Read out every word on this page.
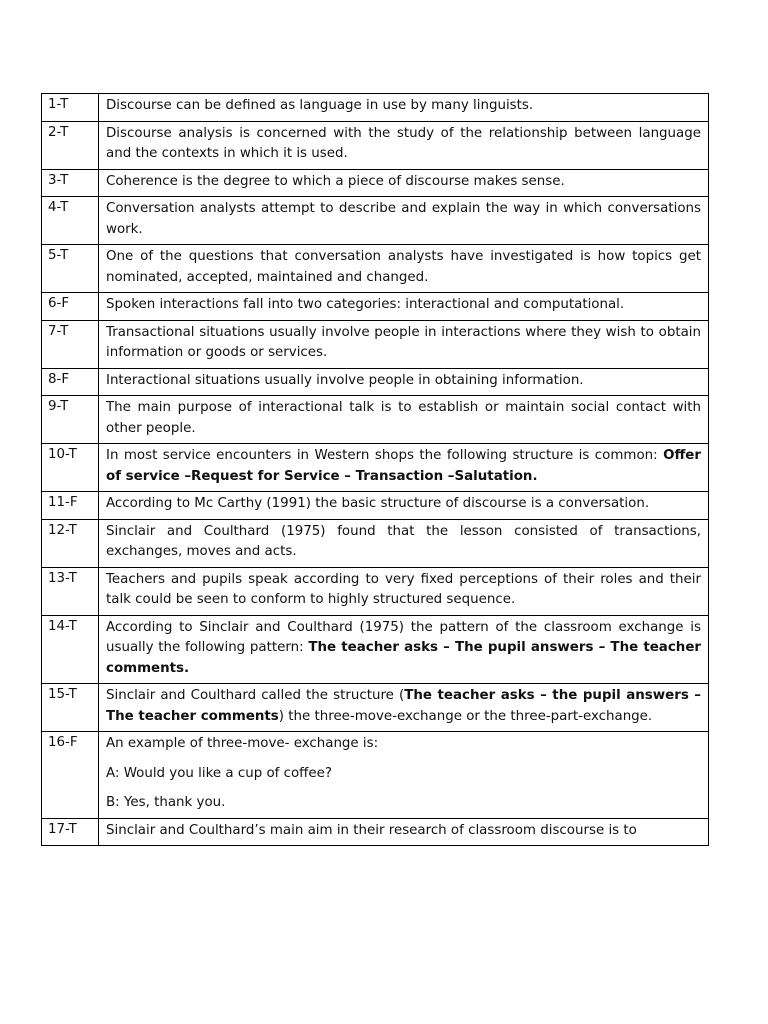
1-T	Discourse can be defined as language in use by many linguists.
2-T	Discourse analysis is concerned with the study of the relationship between language and the contexts in which it is used.
3-T	Coherence is the degree to which a piece of discourse makes sense.
4-T	Conversation analysts attempt to describe and explain the way in which conversations work.
5-T	One of the questions that conversation analysts have investigated is how topics get nominated, accepted, maintained and changed.
6-F	Spoken interactions fall into two categories: interactional and computational.
7-T	Transactional situations usually involve people in interactions where they wish to obtain information or goods or services.
8-F	Interactional situations usually involve people in obtaining information.
9-T	The main purpose of interactional talk is to establish or maintain social contact with other people.
10-T	In most service encounters in Western shops the following structure is common: Offer of service –Request for Service – Transaction –Salutation.
11-F	According to Mc Carthy (1991) the basic structure of discourse is a conversation.
12-T	Sinclair and Coulthard (1975) found that the lesson consisted of transactions, exchanges, moves and acts.
13-T	Teachers and pupils speak according to very fixed perceptions of their roles and their talk could be seen to conform to highly structured sequence.
14-T	According to Sinclair and Coulthard (1975) the pattern of the classroom exchange is usually the following pattern: The teacher asks – The pupil answers – The teacher comments.
15-T	Sinclair and Coulthard called the structure (The teacher asks – the pupil answers – The teacher comments) the three-move-exchange or the three-part-exchange.
16-F	An example of three-move- exchange is:

A: Would you like a cup of coffee?

B: Yes, thank you.

17-T	Sinclair and Coulthard’s main aim in their research of classroom discourse is to
